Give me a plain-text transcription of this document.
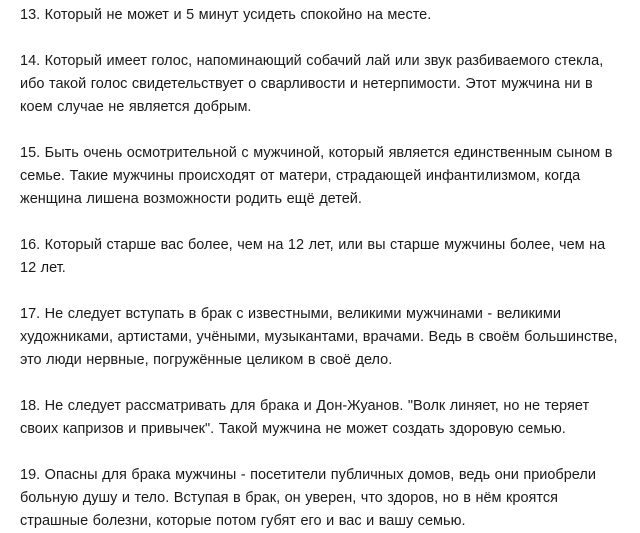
13. Который не может и 5 минут усидеть спокойно на месте.

14. Который имеет голос, напоминающий собачий лай или звук разбиваемого стекла, ибо такой голос свидетельствует о сварливости и нетерпимости. Этот мужчина ни в коем случае не является добрым.

15. Быть очень осмотрительной с мужчиной, который является единственным сыном в семье. Такие мужчины происходят от матери, страдающей инфантилизмом, когда женщина лишена возможности родить ещё детей.

16. Который старше вас более, чем на 12 лет, или вы старше мужчины более, чем на 12 лет.

17. Не следует вступать в брак с известными, великими мужчинами - великими художниками, артистами, учёными, музыкантами, врачами. Ведь в своём большинстве, это люди нервные, погружённые целиком в своё дело.

18. Не следует рассматривать для брака и Дон-Жуанов. "Волк линяет, но не теряет своих капризов и привычек". Такой мужчина не может создать здоровую семью.

19. Опасны для брака мужчины - посетители публичных домов, ведь они приобрели больную душу и тело. Вступая в брак, он уверен, что здоров, но в нём кроятся страшные болезни, которые потом губят его и вас и вашу семью.
